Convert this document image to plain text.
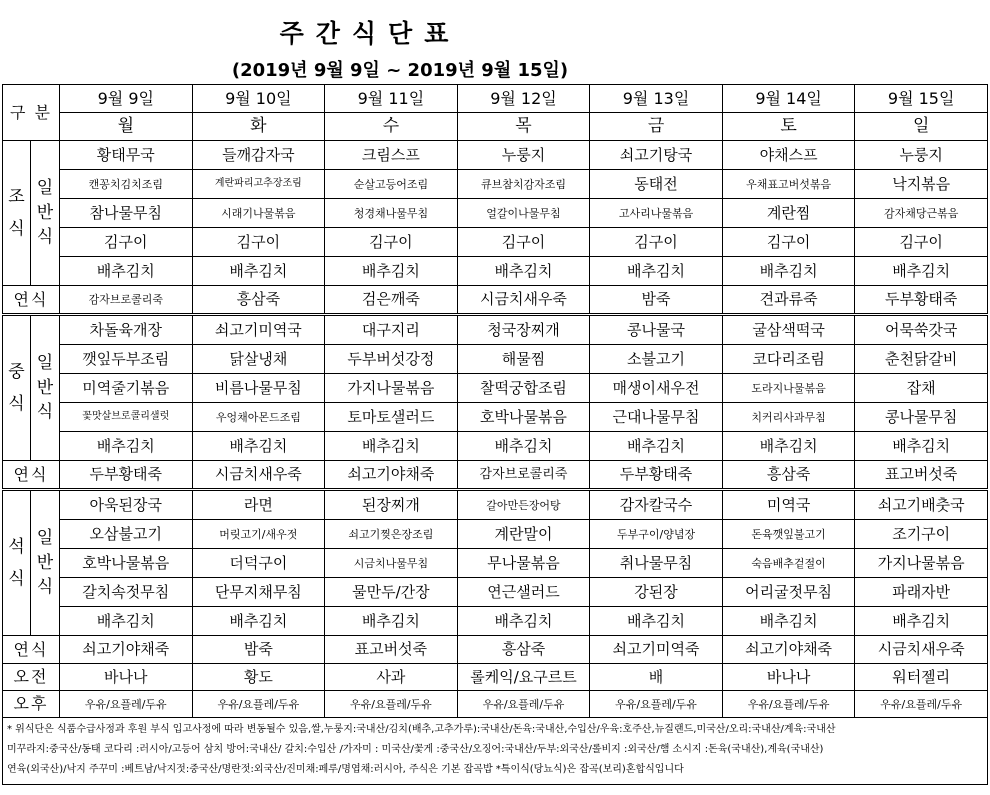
주간식단표
(2019년 9월 9일 ~ 2019년 9월 15일)
구 분		9월 9일	9월 10일	9월 11일	9월 12일	9월 13일	9월 14일	9월 15일
		월	화	수	목	금	토	일
조
식	일
반
식	황태무국	들깨감자국	크림스프	누룽지	쇠고기탕국	야채스프	누룽지
		캔꽁치김치조림	계란파리고추장조림	순살고등어조림	큐브참치감자조림	동태전	우채표고버섯볶음	낙지볶음
		참나물무침	시래기나물볶음	청경채나물무침	얼갈이나물무침	고사리나물볶음	계란찜	감자채당근볶음
		김구이	김구이	김구이	김구이	김구이	김구이	김구이
		배추김치	배추김치	배추김치	배추김치	배추김치	배추김치	배추김치
연식		감자브로콜리죽	흥삼죽	검은깨죽	시금치새우죽	밤죽	견과류죽	두부황태죽
중
식	일
반
식	차돌육개장	쇠고기미역국	대구지리	청국장찌개	콩나물국	굴삼색떡국	어묵쑥갓국
		깻잎두부조림	닭살냉채	두부버섯강정	해물찜	소불고기	코다리조림	춘천닭갈비
		미역줄기볶음	비름나물무침	가지나물볶음	찰떡궁합조림	매생이새우전	도라지나물볶음	잡채
		꽃맛살브로콜리샐럿	우엉채아몬드조림	토마토샐러드	호박나물볶음	근대나물무침	치커리사과무침	콩나물무침
		배추김치	배추김치	배추김치	배추김치	배추김치	배추김치	배추김치
연식		두부황태죽	시금치새우죽	쇠고기야채죽	감자브로콜리죽	두부황태죽	흥삼죽	표고버섯죽
석
식	일
반
식	아욱된장국	라면	된장찌개	갈아만든장어탕	감자칼국수	미역국	쇠고기배춧국
		오삼불고기	머릿고기/새우젓	쇠고기찢은장조림	계란말이	두부구이/양념장	돈육깻잎불고기	조기구이
		호박나물볶음	더덕구이	시금치나물무침	무나물볶음	취나물무침	숙음배추겉절이	가지나물볶음
		갈치속젓무침	단무지채무침	물만두/간장	연근샐러드	강된장	어리굴젓무침	파래자반
		배추김치	배추김치	배추김치	배추김치	배추김치	배추김치	배추김치
연식		쇠고기야채죽	밤죽	표고버섯죽	흥삼죽	쇠고기미역죽	쇠고기야채죽	시금치새우죽
오전		바나나	황도	사과	롤케익/요구르트	배	바나나	워터젤리
오후		우유/요플레/두유	우유/요플레/두유	우유/요플레/두유	우유/요플레/두유	우유/요플레/두유	우유/요플레/두유	우유/요플레/두유

* 위식단은 식품수급사정과 후원 부식 입고사정에 따라 변동될수 있음,쌀,누룽지:국내산/김치(배추,고추가루):국내산/돈육:국내산,수입산/우육:호주산,뉴질랜드,미국산/오리:국내산/계육:국내산
미꾸라지:중국산/동태 코다리 :러시아/고등어 삼치 방어:국내산/ 갈치:수입산 /가자미 : 미국산/꽃게 :중국산/오징어:국내산/두부:외국산/롤비지 :외국산/햄 소시지 :돈육(국내산),계육(국내산)
연육(외국산)/낙지 주꾸미 :베트남/낙지젓:중국산/명란젓:외국산/진미채:페루/명엽채:러시아, 주식은 기본 잡곡밥 *특이식(당뇨식)은 잡곡(보리)혼합식입니다								
